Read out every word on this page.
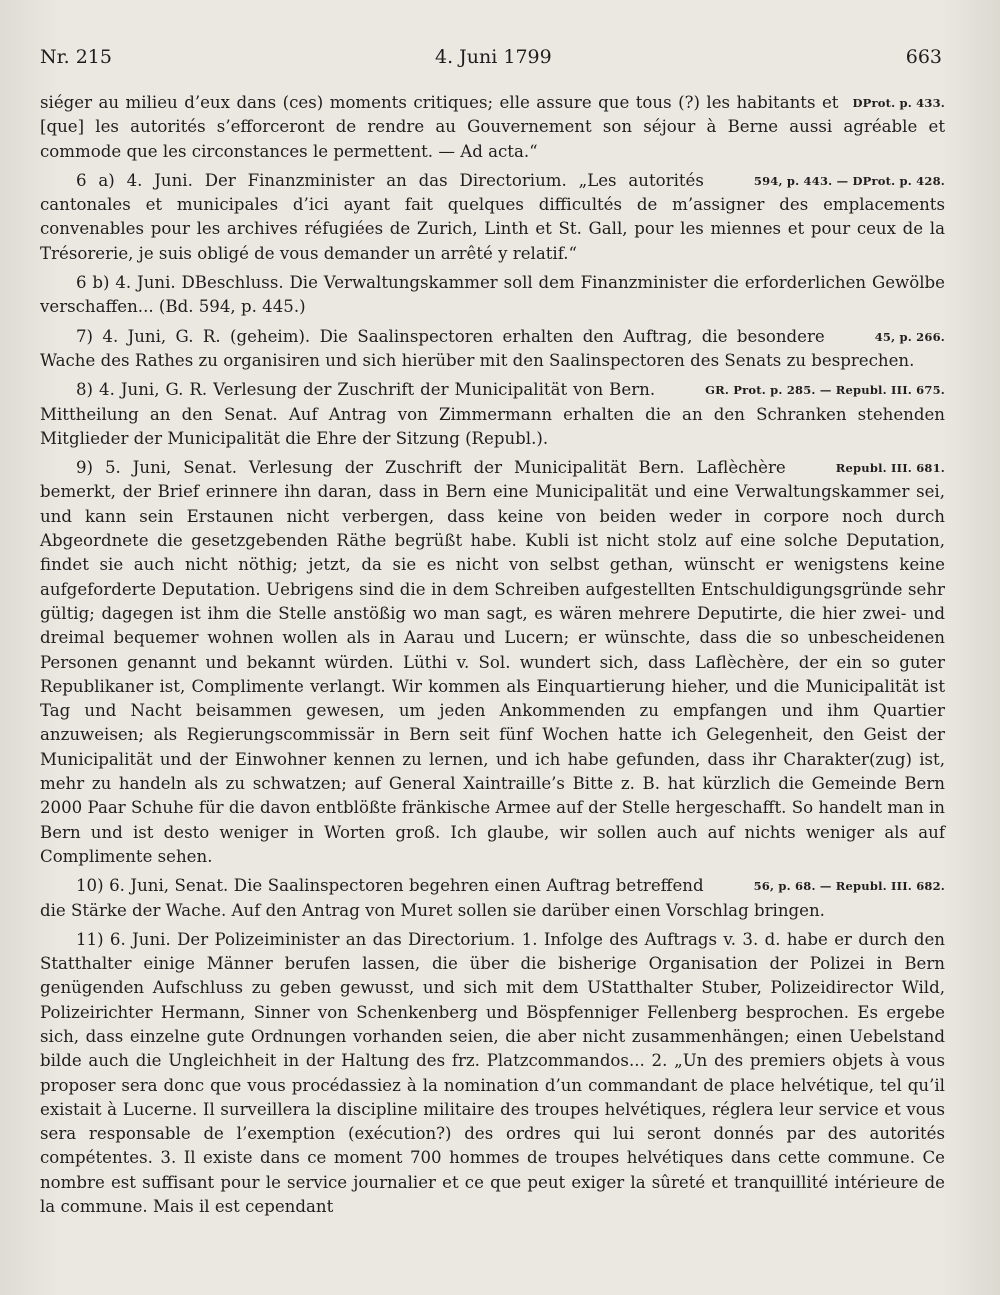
Nr. 215	4. Juni 1799	663

DProt. p. 433.
siéger au milieu d’eux dans (ces) moments critiques; elle assure que tous (?) les habitants et [que] les autorités s’efforceront de rendre au Gouvernement son séjour à Berne aussi agréable et commode que les circonstances le permettent. — Ad acta.“

594, p. 443. — DProt. p. 428.
6 a) 4. Juni. Der Finanzminister an das Directorium. „Les autorités cantonales et municipales d’ici ayant fait quelques difficultés de m’assigner des emplacements convenables pour les archives réfugiées de Zurich, Linth et St. Gall, pour les miennes et pour ceux de la Trésorerie, je suis obligé de vous demander un arrêté y relatif.“

6 b) 4. Juni. DBeschluss. Die Verwaltungskammer soll dem Finanzminister die erforderlichen Gewölbe verschaffen... (Bd. 594, p. 445.)

45, p. 266.
7) 4. Juni, G. R. (geheim). Die Saalinspectoren erhalten den Auftrag, die besondere Wache des Rathes zu organisiren und sich hierüber mit den Saalinspectoren des Senats zu besprechen.

GR. Prot. p. 285. — Republ. III. 675.
8) 4. Juni, G. R. Verlesung der Zuschrift der Municipalität von Bern. Mittheilung an den Senat. Auf Antrag von Zimmermann erhalten die an den Schranken stehenden Mitglieder der Municipalität die Ehre der Sitzung (Republ.).

Republ. III. 681.
9) 5. Juni, Senat. Verlesung der Zuschrift der Municipalität Bern. Laflèchère bemerkt, der Brief erinnere ihn daran, dass in Bern eine Municipalität und eine Verwaltungskammer sei, und kann sein Erstaunen nicht verbergen, dass keine von beiden weder in corpore noch durch Abgeordnete die gesetzgebenden Räthe begrüßt habe. Kubli ist nicht stolz auf eine solche Deputation, findet sie auch nicht nöthig; jetzt, da sie es nicht von selbst gethan, wünscht er wenigstens keine aufgeforderte Deputation. Uebrigens sind die in dem Schreiben aufgestellten Entschuldigungsgründe sehr gültig; dagegen ist ihm die Stelle anstößig wo man sagt, es wären mehrere Deputirte, die hier zwei- und dreimal bequemer wohnen wollen als in Aarau und Lucern; er wünschte, dass die so unbescheidenen Personen genannt und bekannt würden. Lüthi v. Sol. wundert sich, dass Laflèchère, der ein so guter Republikaner ist, Complimente verlangt. Wir kommen als Einquartierung hieher, und die Municipalität ist Tag und Nacht beisammen gewesen, um jeden Ankommenden zu empfangen und ihm Quartier anzuweisen; als Regierungscommissär in Bern seit fünf Wochen hatte ich Gelegenheit, den Geist der Municipalität und der Einwohner kennen zu lernen, und ich habe gefunden, dass ihr Charakter(zug) ist, mehr zu handeln als zu schwatzen; auf General Xaintraille’s Bitte z. B. hat kürzlich die Gemeinde Bern 2000 Paar Schuhe für die davon entblößte fränkische Armee auf der Stelle hergeschafft. So handelt man in Bern und ist desto weniger in Worten groß. Ich glaube, wir sollen auch auf nichts weniger als auf Complimente sehen.

56, p. 68. — Republ. III. 682.
10) 6. Juni, Senat. Die Saalinspectoren begehren einen Auftrag betreffend die Stärke der Wache. Auf den Antrag von Muret sollen sie darüber einen Vorschlag bringen.

11) 6. Juni. Der Polizeiminister an das Directorium. 1. Infolge des Auftrags v. 3. d. habe er durch den Statthalter einige Männer berufen lassen, die über die bisherige Organisation der Polizei in Bern genügenden Aufschluss zu geben gewusst, und sich mit dem UStatthalter Stuber, Polizeidirector Wild, Polizeirichter Hermann, Sinner von Schenkenberg und Böspfenniger Fellenberg besprochen. Es ergebe sich, dass einzelne gute Ordnungen vorhanden seien, die aber nicht zusammenhängen; einen Uebelstand bilde auch die Ungleichheit in der Haltung des frz. Platzcommandos... 2. „Un des premiers objets à vous proposer sera donc que vous procédassiez à la nomination d’un commandant de place helvétique, tel qu’il existait à Lucerne. Il surveillera la discipline militaire des troupes helvétiques, réglera leur service et vous sera responsable de l’exemption (exécution?) des ordres qui lui seront donnés par des autorités compétentes. 3. Il existe dans ce moment 700 hommes de troupes helvétiques dans cette commune. Ce nombre est suffisant pour le service journalier et ce que peut exiger la sûreté et tranquillité intérieure de la commune. Mais il est cependant
